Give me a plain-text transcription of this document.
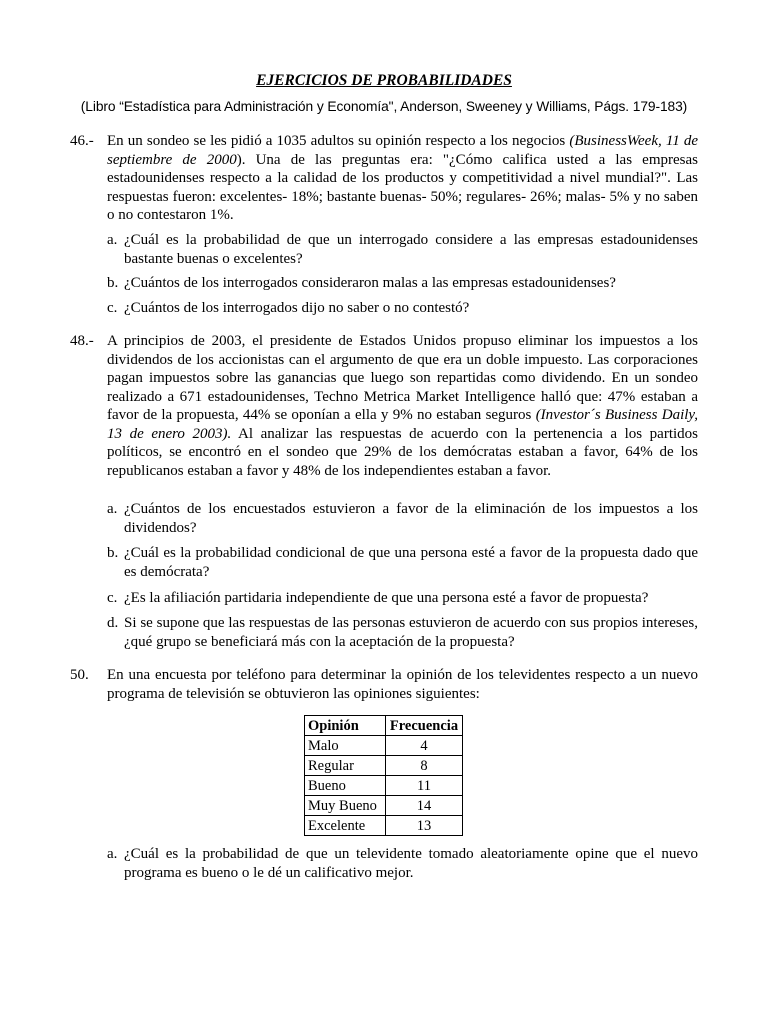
EJERCICIOS DE PROBABILIDADES
(Libro “Estadística para Administración y Economía", Anderson, Sweeney y Williams, Págs. 179-183)
46.- En un sondeo se les pidió a 1035 adultos su opinión respecto a los negocios (BusinessWeek, 11 de septiembre de 2000). Una de las preguntas era: "¿Cómo califica usted a las empresas estadounidenses respecto a la calidad de los productos y competitividad a nivel mundial?". Las respuestas fueron: excelentes- 18%; bastante buenas- 50%; regulares- 26%; malas- 5% y no saben o no contestaron 1%.
a. ¿Cuál es la probabilidad de que un interrogado considere a las empresas estadounidenses bastante buenas o excelentes?
b. ¿Cuántos de los interrogados consideraron malas a las empresas estadounidenses?
c. ¿Cuántos de los interrogados dijo no saber o no contestó?
48.- A principios de 2003, el presidente de Estados Unidos propuso eliminar los impuestos a los dividendos de los accionistas can el argumento de que era un doble impuesto. Las corporaciones pagan impuestos sobre las ganancias que luego son repartidas como dividendo. En un sondeo realizado a 671 estadounidenses, Techno Metrica Market Intelligence halló que: 47% estaban a favor de la propuesta, 44% se oponían a ella y 9% no estaban seguros (Investor´s Business Daily, 13 de enero 2003). Al analizar las respuestas de acuerdo con la pertenencia a los partidos políticos, se encontró en el sondeo que 29% de los demócratas estaban a favor, 64% de los republicanos estaban a favor y 48% de los independientes estaban a favor.
a. ¿Cuántos de los encuestados estuvieron a favor de la eliminación de los impuestos a los dividendos?
b. ¿Cuál es la probabilidad condicional de que una persona esté a favor de la propuesta dado que es demócrata?
c. ¿Es la afiliación partidaria independiente de que una persona esté a favor de propuesta?
d. Si se supone que las respuestas de las personas estuvieron de acuerdo con sus propios intereses, ¿qué grupo se beneficiará más con la aceptación de la propuesta?
50. En una encuesta por teléfono para determinar la opinión de los televidentes respecto a un nuevo programa de televisión se obtuvieron las opiniones siguientes:
Opinión	Frecuencia
Malo	4
Regular	8
Bueno	11
Muy Bueno	14
Excelente	13
a. ¿Cuál es la probabilidad de que un televidente tomado aleatoriamente opine que el nuevo programa es bueno o le dé un calificativo mejor.
